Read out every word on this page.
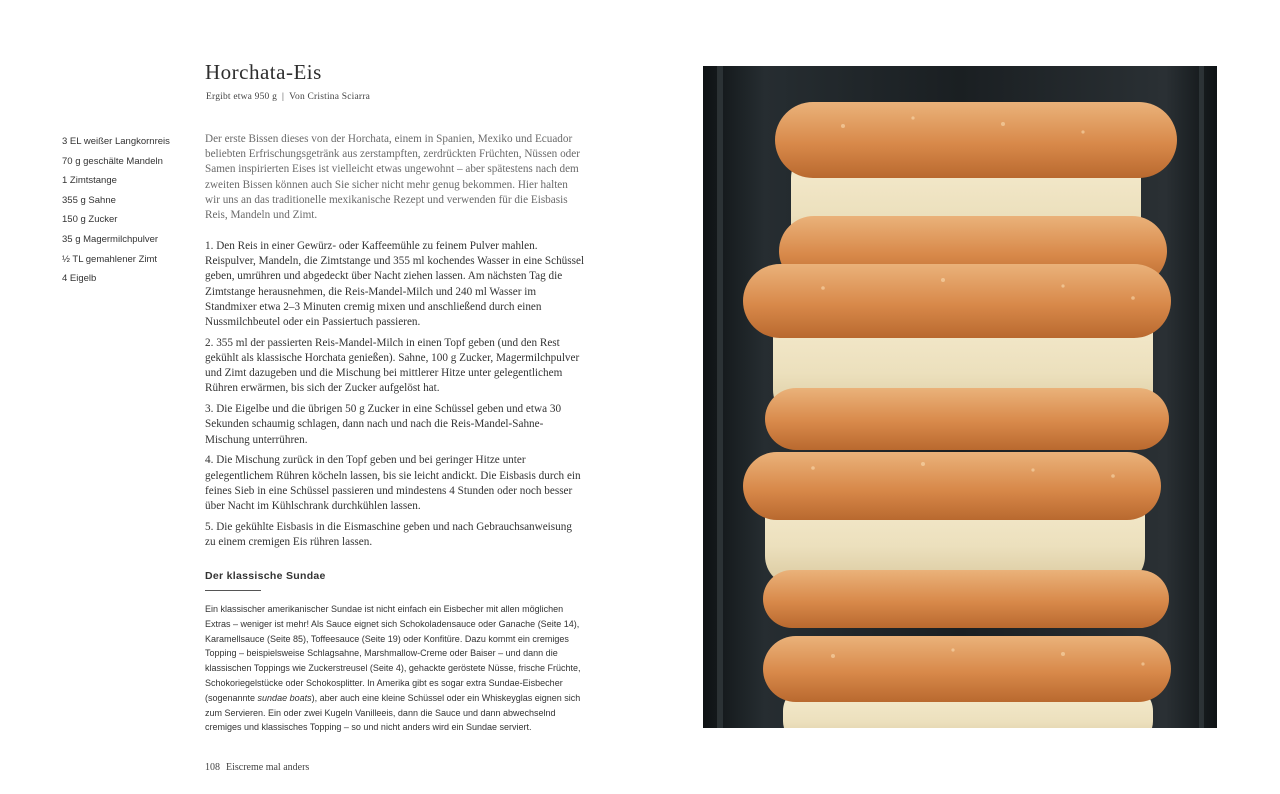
Horchata-Eis
Ergibt etwa 950 g | Von Cristina Sciarra
3 EL weißer Langkornreis
70 g geschälte Mandeln
1 Zimtstange
355 g Sahne
150 g Zucker
35 g Magermilchpulver
½ TL gemahlener Zimt
4 Eigelb

Der erste Bissen dieses von der Horchata, einem in Spanien, Mexiko und Ecuador beliebten Erfrischungsgetränk aus zerstampften, zerdrückten Früchten, Nüssen oder Samen inspirierten Eises ist vielleicht etwas ungewohnt – aber spätestens nach dem zweiten Bissen können auch Sie sicher nicht mehr genug bekommen. Hier halten wir uns an das traditionelle mexikanische Rezept und verwenden für die Eisbasis Reis, Mandeln und Zimt.

1. Den Reis in einer Gewürz- oder Kaffeemühle zu feinem Pulver mahlen. Reispulver, Mandeln, die Zimtstange und 355 ml kochendes Wasser in eine Schüssel geben, umrühren und abgedeckt über Nacht ziehen lassen. Am nächsten Tag die Zimtstange herausnehmen, die Reis-Mandel-Milch und 240 ml Wasser im Standmixer etwa 2–3 Minuten cremig mixen und anschließend durch einen Nussmilchbeutel oder ein Passiertuch passieren.
2. 355 ml der passierten Reis-Mandel-Milch in einen Topf geben (und den Rest gekühlt als klassische Horchata genießen). Sahne, 100 g Zucker, Magermilchpulver und Zimt dazugeben und die Mischung bei mittlerer Hitze unter gelegentlichem Rühren erwärmen, bis sich der Zucker aufgelöst hat.
3. Die Eigelbe und die übrigen 50 g Zucker in eine Schüssel geben und etwa 30 Sekunden schaumig schlagen, dann nach und nach die Reis-Mandel-Sahne-Mischung unterrühren.
4. Die Mischung zurück in den Topf geben und bei geringer Hitze unter gelegentlichem Rühren köcheln lassen, bis sie leicht andickt. Die Eisbasis durch ein feines Sieb in eine Schüssel passieren und mindestens 4 Stunden oder noch besser über Nacht im Kühlschrank durchkühlen lassen.
5. Die gekühlte Eisbasis in die Eismaschine geben und nach Gebrauchsanweisung zu einem cremigen Eis rühren lassen.
Der klassische Sundae

Ein klassischer amerikanischer Sundae ist nicht einfach ein Eisbecher mit allen möglichen Extras – weniger ist mehr! Als Sauce eignet sich Schokoladensauce oder Ganache (Seite 14), Karamellsauce (Seite 85), Toffeesauce (Seite 19) oder Konfitüre. Dazu kommt ein cremiges Topping – beispielsweise Schlagsahne, Marshmallow-Creme oder Baiser – und dann die klassischen Toppings wie Zuckerstreusel (Seite 4), gehackte geröstete Nüsse, frische Früchte, Schokoriegelstücke oder Schokosplitter. In Amerika gibt es sogar extra Sundae-Eisbecher (sogenannte sundae boats), aber auch eine kleine Schüssel oder ein Whiskeyglas eignen sich zum Servieren. Ein oder zwei Kugeln Vanilleeis, dann die Sauce und dann abwechselnd cremiges und klassisches Topping – so und nicht anders wird ein Sundae serviert.

108 Eiscreme mal anders
